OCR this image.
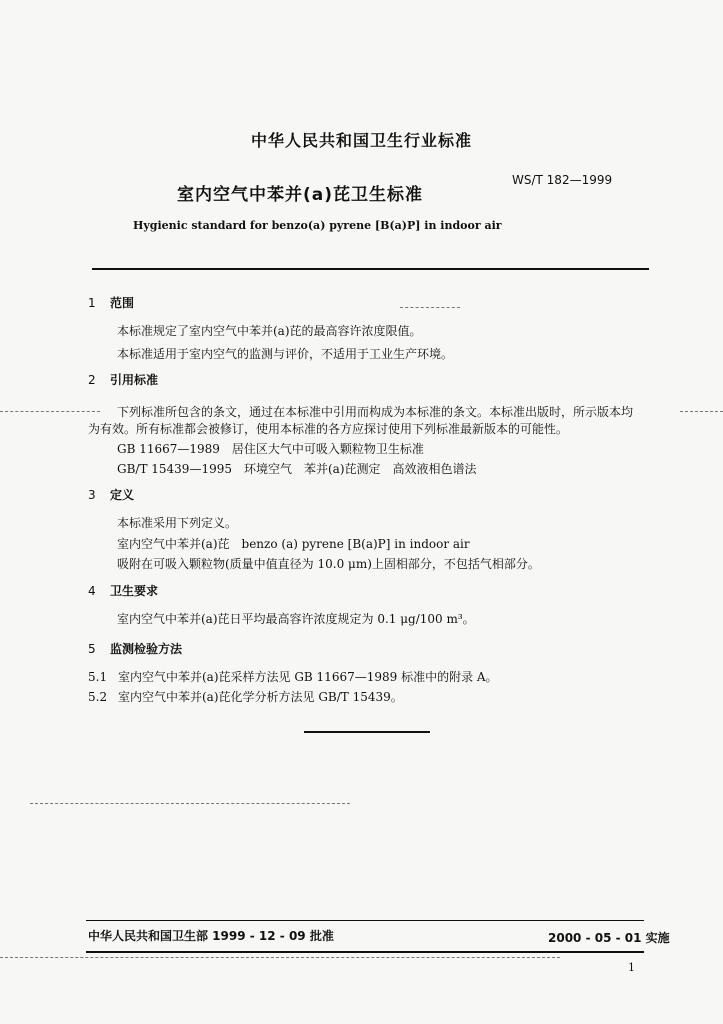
中华人民共和国卫生行业标准
WS/T 182—1999
室内空气中苯并(a)芘卫生标准
Hygienic standard for benzo(a) pyrene [B(a)P] in indoor air
1 范围
本标准规定了室内空气中苯并(a)芘的最高容许浓度限值。
本标准适用于室内空气的监测与评价，不适用于工业生产环境。
2 引用标准
下列标准所包含的条文，通过在本标准中引用而构成为本标准的条文。本标准出版时，所示版本均
为有效。所有标准都会被修订，使用本标准的各方应探讨使用下列标准最新版本的可能性。
GB 11667—1989　居住区大气中可吸入颗粒物卫生标准
GB/T 15439—1995　环境空气　苯并(a)芘测定　高效液相色谱法
3 定义
本标准采用下列定义。
室内空气中苯并(a)芘　benzo (a) pyrene [B(a)P] in indoor air
吸附在可吸入颗粒物(质量中值直径为 10.0 μm)上固相部分，不包括气相部分。
4 卫生要求
室内空气中苯并(a)芘日平均最高容许浓度规定为 0.1 μg/100 m³。
5 监测检验方法
5.1 室内空气中苯并(a)芘采样方法见 GB 11667—1989 标准中的附录 A。
5.2 室内空气中苯并(a)芘化学分析方法见 GB/T 15439。
中华人民共和国卫生部 1999 - 12 - 09 批准	2000 - 05 - 01 实施
1
